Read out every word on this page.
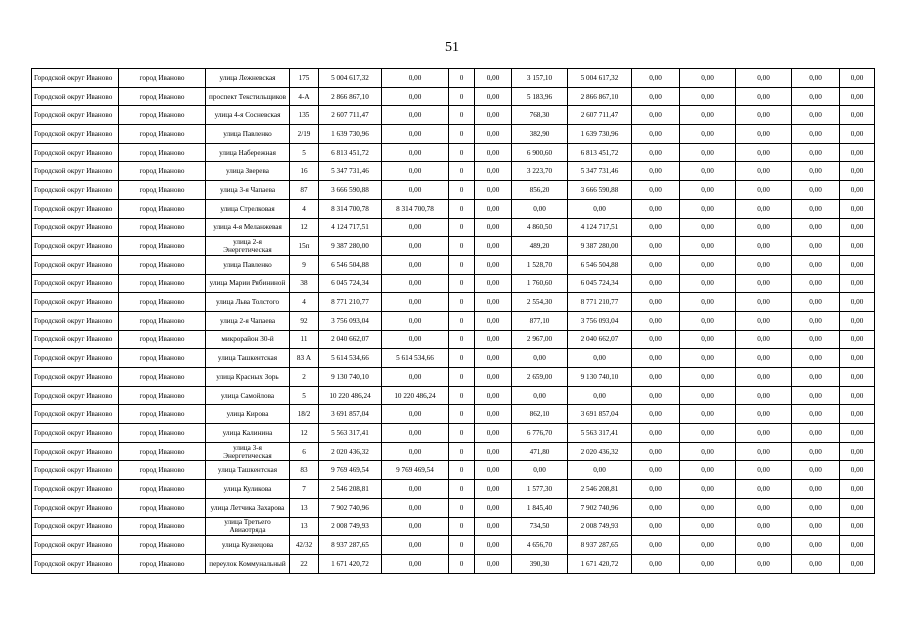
51
Городской округ Иваново	город Иваново	улица Лежневская	175	5 004 617,32	0,00	0	0,00	3 157,10	5 004 617,32	0,00	0,00	0,00	0,00	0,00
Городской округ Иваново	город Иваново	проспект Текстильщиков	4-А	2 866 867,10	0,00	0	0,00	5 183,96	2 866 867,10	0,00	0,00	0,00	0,00	0,00
Городской округ Иваново	город Иваново	улица 4-я Сосневская	135	2 607 711,47	0,00	0	0,00	768,30	2 607 711,47	0,00	0,00	0,00	0,00	0,00
Городской округ Иваново	город Иваново	улица Павленко	2/19	1 639 730,96	0,00	0	0,00	382,90	1 639 730,96	0,00	0,00	0,00	0,00	0,00
Городской округ Иваново	город Иваново	улица Набережная	5	6 813 451,72	0,00	0	0,00	6 900,60	6 813 451,72	0,00	0,00	0,00	0,00	0,00
Городской округ Иваново	город Иваново	улица Зверева	16	5 347 731,46	0,00	0	0,00	3 223,70	5 347 731,46	0,00	0,00	0,00	0,00	0,00
Городской округ Иваново	город Иваново	улица 3-я Чапаева	87	3 666 590,88	0,00	0	0,00	856,20	3 666 590,88	0,00	0,00	0,00	0,00	0,00
Городской округ Иваново	город Иваново	улица Стрелковая	4	8 314 700,78	8 314 700,78	0	0,00	0,00	0,00	0,00	0,00	0,00	0,00	0,00
Городской округ Иваново	город Иваново	улица 4-я Меланжевая	12	4 124 717,51	0,00	0	0,00	4 860,50	4 124 717,51	0,00	0,00	0,00	0,00	0,00
Городской округ Иваново	город Иваново	улица 2-я Энергетическая	15п	9 387 280,00	0,00	0	0,00	489,20	9 387 280,00	0,00	0,00	0,00	0,00	0,00
Городской округ Иваново	город Иваново	улица Павленко	9	6 546 504,88	0,00	0	0,00	1 528,70	6 546 504,88	0,00	0,00	0,00	0,00	0,00
Городской округ Иваново	город Иваново	улица Марии Рябининой	38	6 045 724,34	0,00	0	0,00	1 760,60	6 045 724,34	0,00	0,00	0,00	0,00	0,00
Городской округ Иваново	город Иваново	улица Льва Толстого	4	8 771 210,77	0,00	0	0,00	2 554,30	8 771 210,77	0,00	0,00	0,00	0,00	0,00
Городской округ Иваново	город Иваново	улица 2-я Чапаева	92	3 756 093,04	0,00	0	0,00	877,10	3 756 093,04	0,00	0,00	0,00	0,00	0,00
Городской округ Иваново	город Иваново	микрорайон 30-й	11	2 040 662,07	0,00	0	0,00	2 967,00	2 040 662,07	0,00	0,00	0,00	0,00	0,00
Городской округ Иваново	город Иваново	улица Ташкентская	83 А	5 614 534,66	5 614 534,66	0	0,00	0,00	0,00	0,00	0,00	0,00	0,00	0,00
Городской округ Иваново	город Иваново	улица Красных Зорь	2	9 130 740,10	0,00	0	0,00	2 659,00	9 130 740,10	0,00	0,00	0,00	0,00	0,00
Городской округ Иваново	город Иваново	улица Самойлова	5	10 220 486,24	10 220 486,24	0	0,00	0,00	0,00	0,00	0,00	0,00	0,00	0,00
Городской округ Иваново	город Иваново	улица Кирова	18/2	3 691 857,04	0,00	0	0,00	862,10	3 691 857,04	0,00	0,00	0,00	0,00	0,00
Городской округ Иваново	город Иваново	улица Калинина	12	5 563 317,41	0,00	0	0,00	6 776,70	5 563 317,41	0,00	0,00	0,00	0,00	0,00
Городской округ Иваново	город Иваново	улица 3-я Энергетическая	6	2 020 436,32	0,00	0	0,00	471,80	2 020 436,32	0,00	0,00	0,00	0,00	0,00
Городской округ Иваново	город Иваново	улица Ташкентская	83	9 769 469,54	9 769 469,54	0	0,00	0,00	0,00	0,00	0,00	0,00	0,00	0,00
Городской округ Иваново	город Иваново	улица Куликова	7	2 546 208,81	0,00	0	0,00	1 577,30	2 546 208,81	0,00	0,00	0,00	0,00	0,00
Городской округ Иваново	город Иваново	улица Летчика Захарова	13	7 902 740,96	0,00	0	0,00	1 845,40	7 902 740,96	0,00	0,00	0,00	0,00	0,00
Городской округ Иваново	город Иваново	улица Третьего Авиаотряда	13	2 008 749,93	0,00	0	0,00	734,50	2 008 749,93	0,00	0,00	0,00	0,00	0,00
Городской округ Иваново	город Иваново	улица Кузнецова	42/32	8 937 287,65	0,00	0	0,00	4 656,70	8 937 287,65	0,00	0,00	0,00	0,00	0,00
Городской округ Иваново	город Иваново	переулок Коммунальный	22	1 671 420,72	0,00	0	0,00	390,30	1 671 420,72	0,00	0,00	0,00	0,00	0,00
